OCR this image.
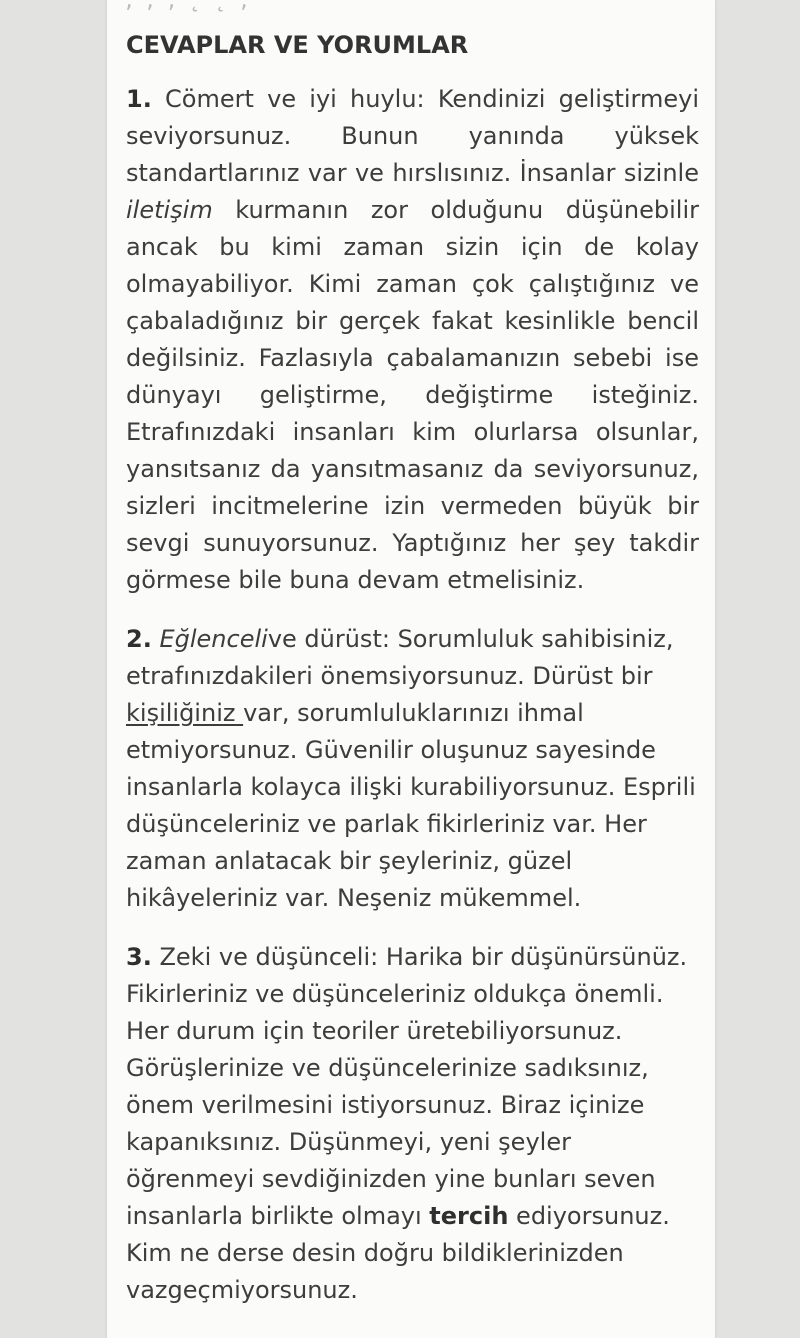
CEVAPLAR VE YORUMLAR

1. Cömert ve iyi huylu: Kendinizi geliştirmeyi seviyorsunuz. Bunun yanında yüksek standartlarınız var ve hırslısınız. İnsanlar sizinle iletişim kurmanın zor olduğunu düşünebilir ancak bu kimi zaman sizin için de kolay olmayabiliyor. Kimi zaman çok çalıştığınız ve çabaladığınız bir gerçek fakat kesinlikle bencil değilsiniz. Fazlasıyla çabalamanızın sebebi ise dünyayı geliştirme, değiştirme isteğiniz. Etrafınızdaki insanları kim olurlarsa olsunlar, yansıtsanız da yansıtmasanız da seviyorsunuz, sizleri incitmelerine izin vermeden büyük bir sevgi sunuyorsunuz. Yaptığınız her şey takdir görmese bile buna devam etmelisiniz.

2. Eğlencelive dürüst: Sorumluluk sahibisiniz, etrafınızdakileri önemsiyorsunuz. Dürüst bir kişiliğiniz var, sorumluluklarınızı ihmal etmiyorsunuz. Güvenilir oluşunuz sayesinde insanlarla kolayca ilişki kurabiliyorsunuz. Esprili düşünceleriniz ve parlak fikirleriniz var. Her zaman anlatacak bir şeyleriniz, güzel hikâyeleriniz var. Neşeniz mükemmel.

3. Zeki ve düşünceli: Harika bir düşünürsünüz. Fikirleriniz ve düşünceleriniz oldukça önemli. Her durum için teoriler üretebiliyorsunuz. Görüşlerinize ve düşüncelerinize sadıksınız, önem verilmesini istiyorsunuz. Biraz içinize kapanıksınız. Düşünmeyi, yeni şeyler öğrenmeyi sevdiğinizden yine bunları seven insanlarla birlikte olmayı tercih ediyorsunuz. Kim ne derse desin doğru bildiklerinizden vazgeçmiyorsunuz.
